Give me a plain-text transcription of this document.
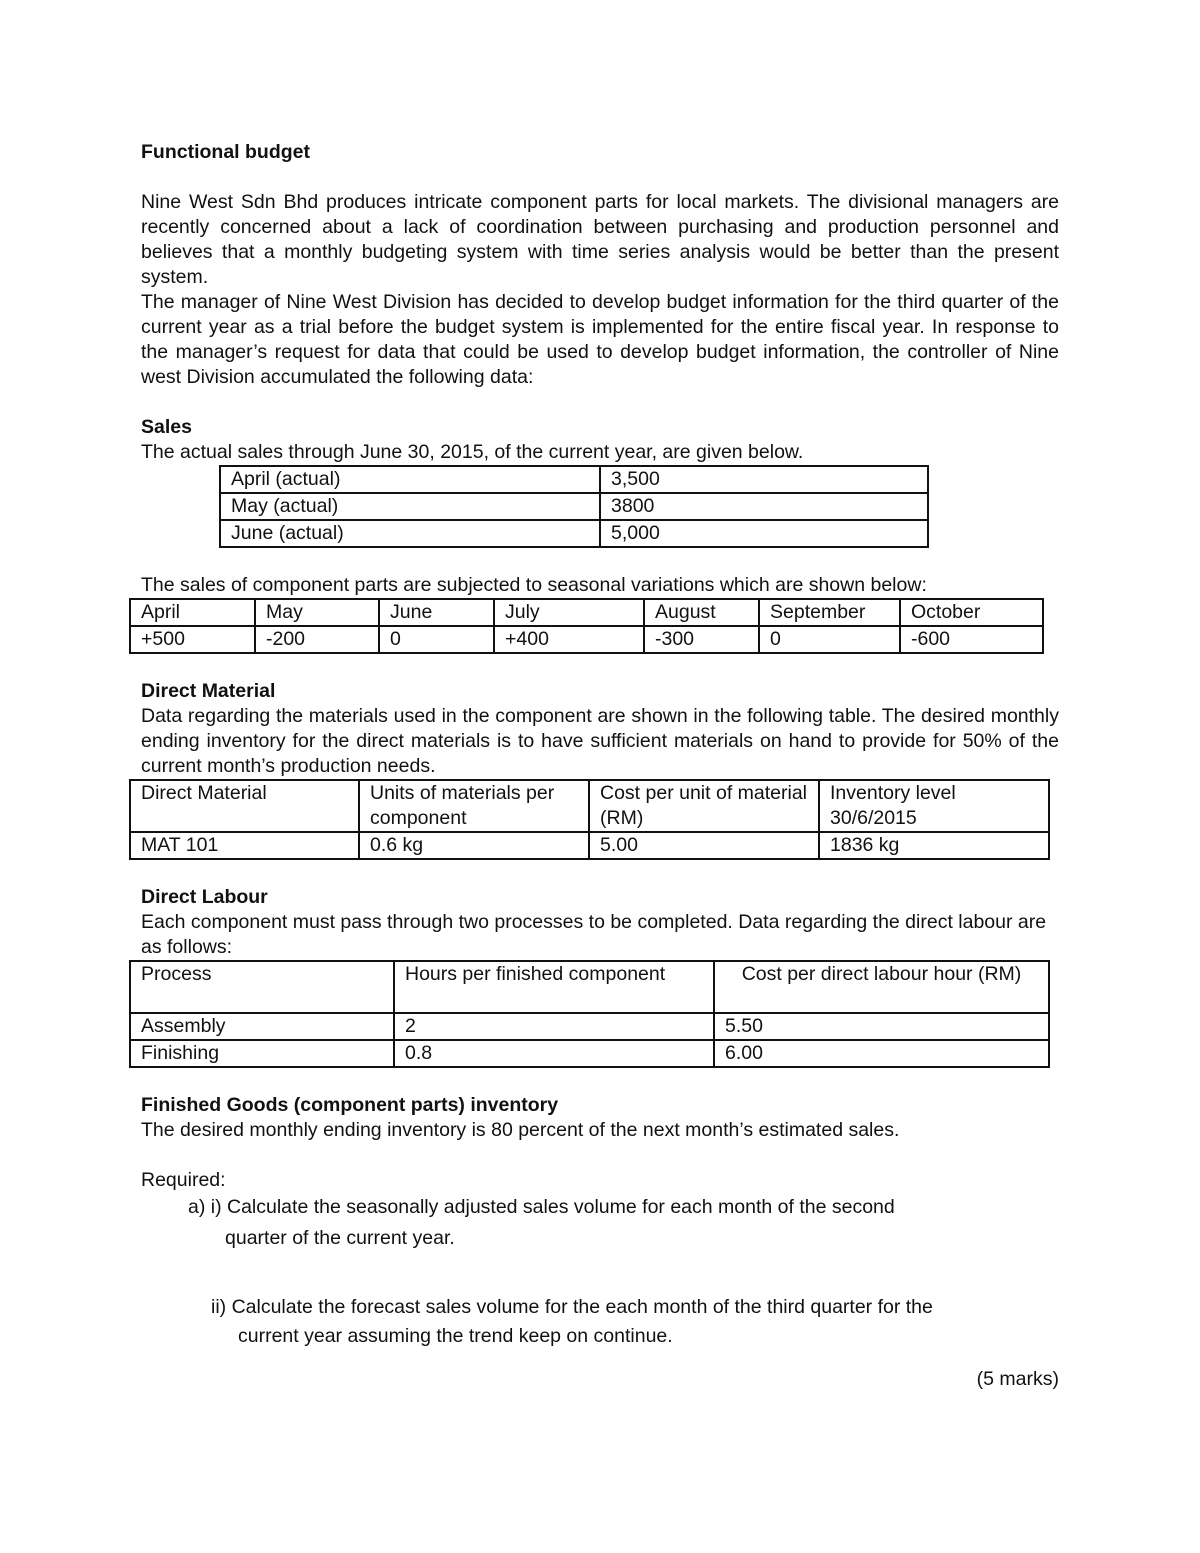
Functional budget

Nine West Sdn Bhd produces intricate component parts for local markets. The divisional managers are recently concerned about a lack of coordination between purchasing and production personnel and believes that a monthly budgeting system with time series analysis would be better than the present system.

The manager of Nine West Division has decided to develop budget information for the third quarter of the current year as a trial before the budget system is implemented for the entire fiscal year. In response to the manager’s request for data that could be used to develop budget information, the controller of Nine west Division accumulated the following data:

Sales

The actual sales through June 30, 2015, of the current year, are given below.

April (actual)	3,500
May (actual)	3800
June (actual)	5,000

The sales of component parts are subjected to seasonal variations which are shown below:

April	May	June	July	August	September	October
+500	-200	0	+400	-300	0	-600

Direct Material

Data regarding the materials used in the component are shown in the following table. The desired monthly ending inventory for the direct materials is to have sufficient materials on hand to provide for 50% of the current month’s production needs.

Direct Material	Units of materials per component	Cost per unit of material (RM)	Inventory level 30/6/2015
MAT 101	0.6 kg	5.00	1836 kg

Direct Labour

Each component must pass through two processes to be completed. Data regarding the direct labour are as follows:

Process	Hours per finished component	Cost per direct labour hour (RM)
Assembly	2	5.50
Finishing	0.8	6.00

Finished Goods (component parts) inventory

The desired monthly ending inventory is 80 percent of the next month’s estimated sales.

Required:

a) i) Calculate the seasonally adjusted sales volume for each month of the second

quarter of the current year.

ii) Calculate the forecast sales volume for the each month of the third quarter for the

current year assuming the trend keep on continue.

(5 marks)
